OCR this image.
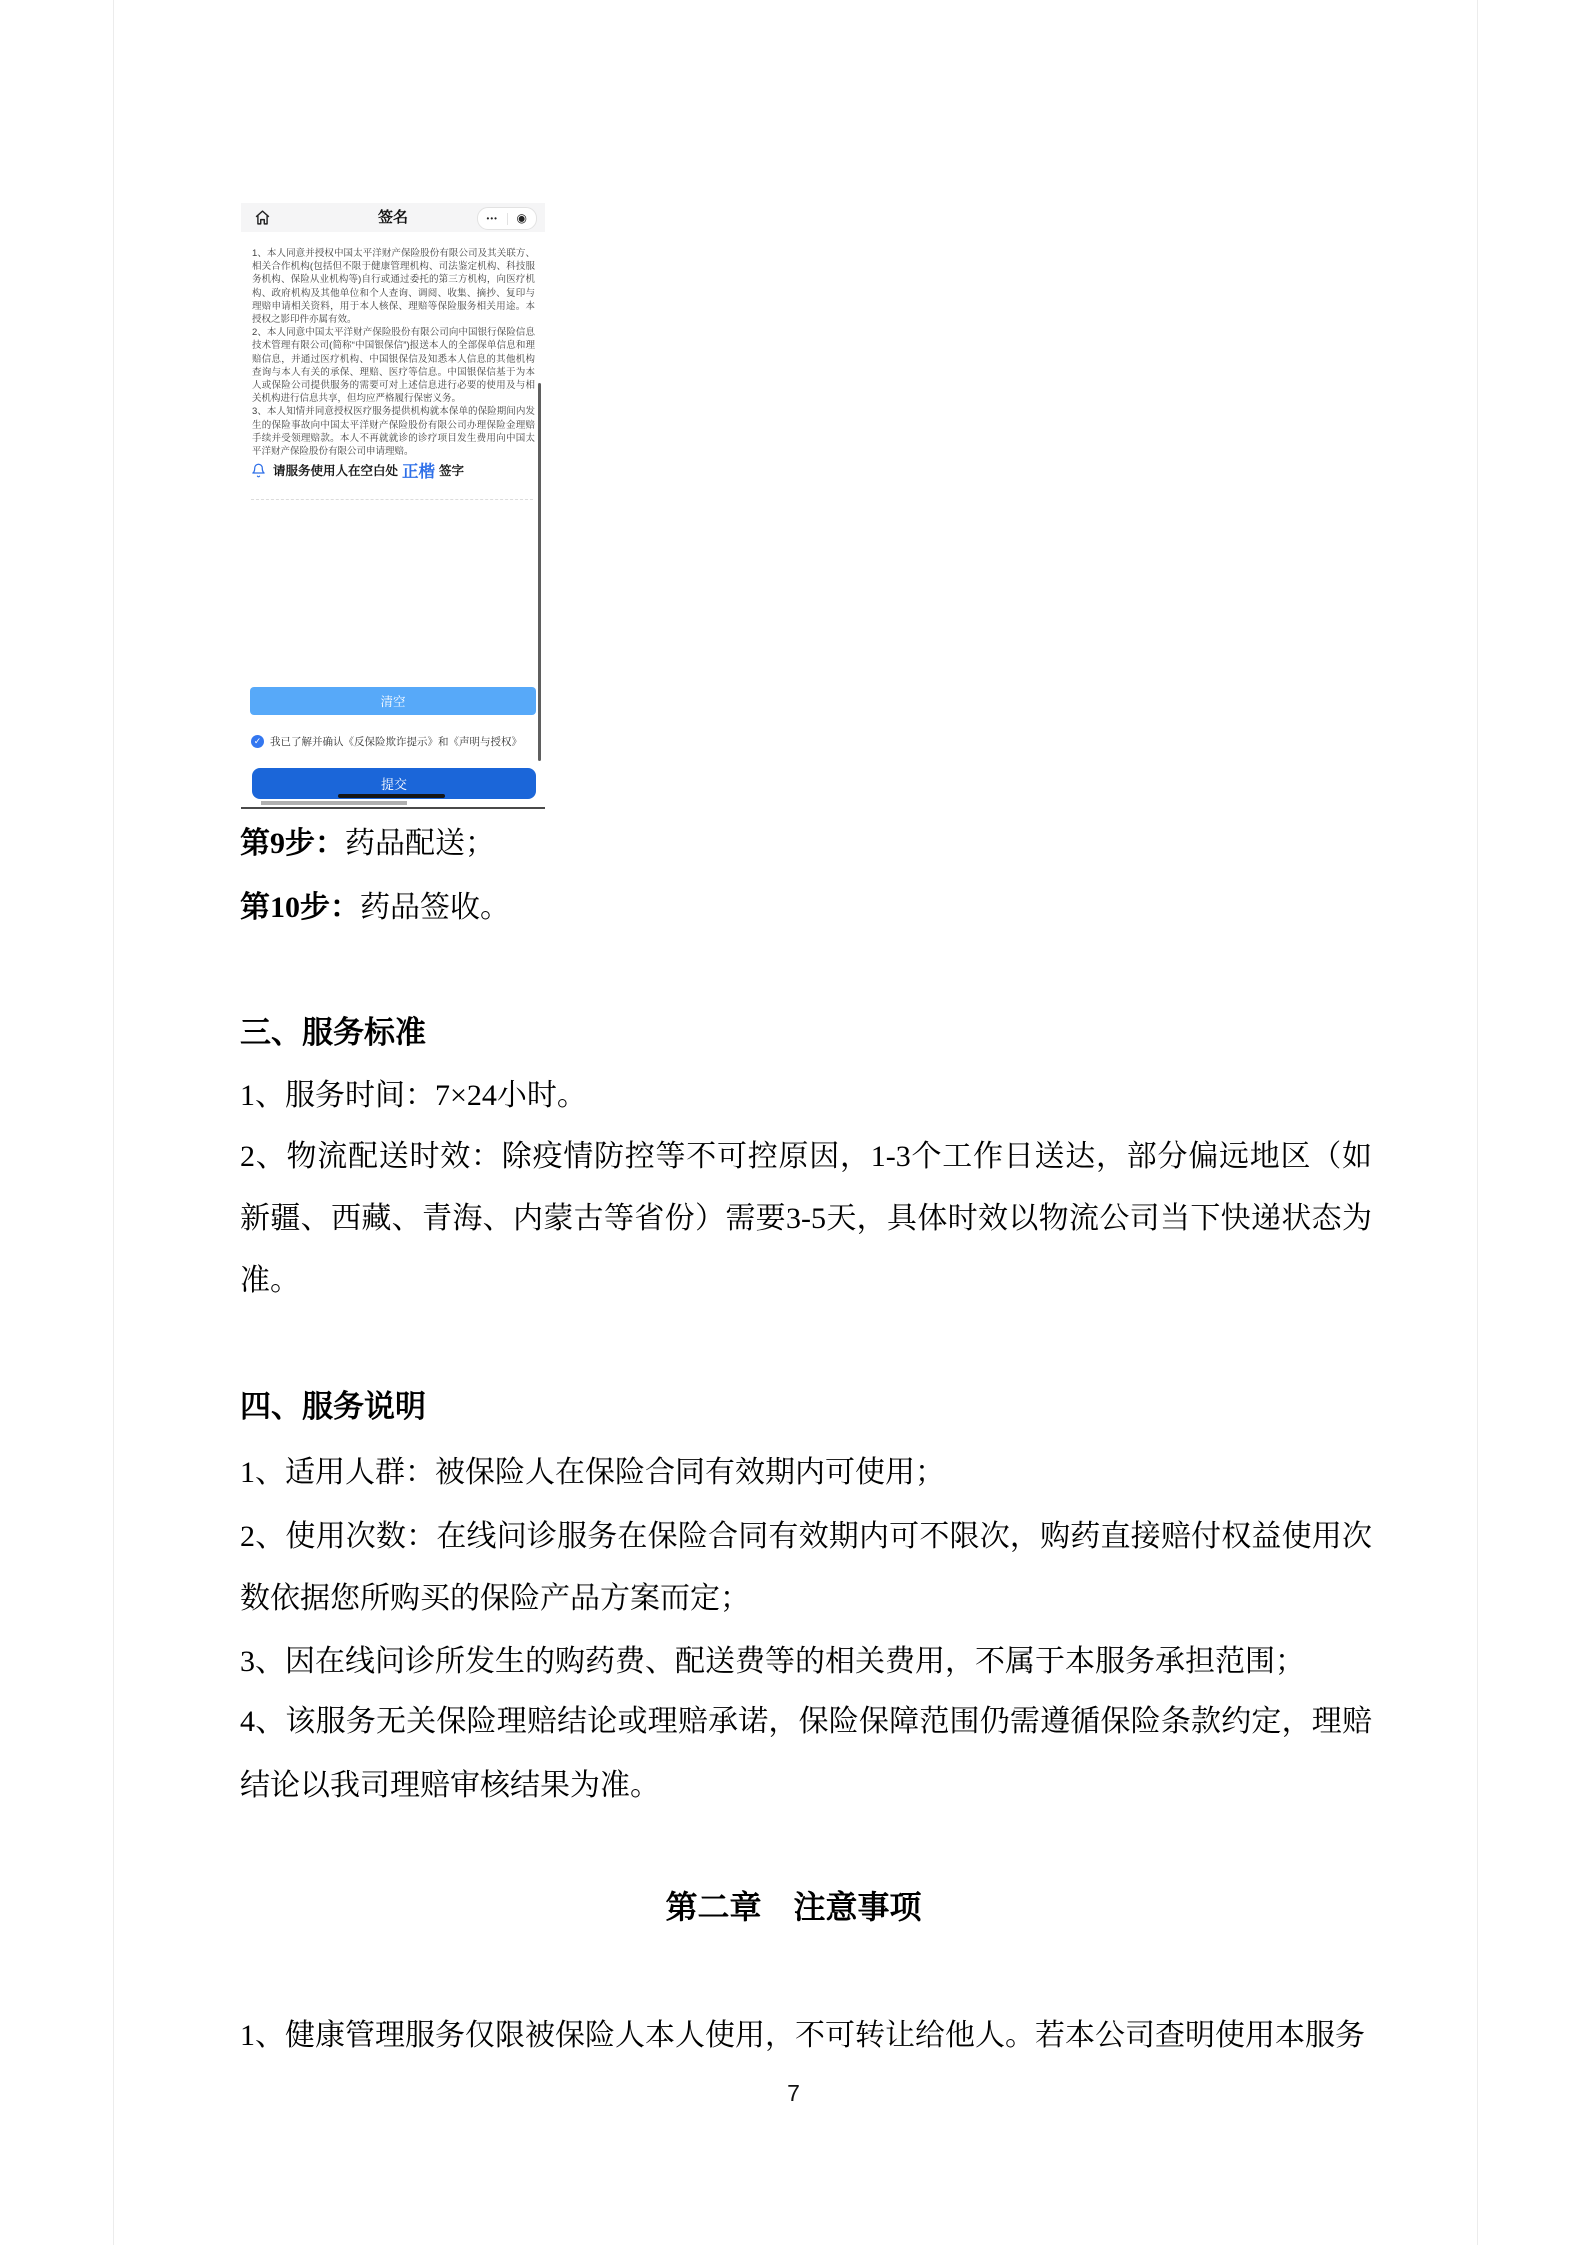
签名	•••	◉

1、本人同意并授权中国太平洋财产保险股份有限公司及其关联方、相关合作机构(包括但不限于健康管理机构、司法鉴定机构、科技服务机构、保险从业机构等)自行或通过委托的第三方机构，向医疗机构、政府机构及其他单位和个人查询、调阅、收集、摘抄、复印与理赔申请相关资料，用于本人核保、理赔等保险服务相关用途。本授权之影印件亦属有效。

2、本人同意中国太平洋财产保险股份有限公司向中国银行保险信息技术管理有限公司(简称“中国银保信”)报送本人的全部保单信息和理赔信息，并通过医疗机构、中国银保信及知悉本人信息的其他机构查询与本人有关的承保、理赔、医疗等信息。中国银保信基于为本人或保险公司提供服务的需要可对上述信息进行必要的使用及与相关机构进行信息共享，但均应严格履行保密义务。

3、本人知情并同意授权医疗服务提供机构就本保单的保险期间内发生的保险事故向中国太平洋财产保险股份有限公司办理保险金理赔手续并受领理赔款。本人不再就就诊的诊疗项目发生费用向中国太平洋财产保险股份有限公司申请理赔。

请服务使用人在空白处 正楷 签字
清空
✓ 我已了解并确认《反保险欺诈提示》和《声明与授权》
提交
第9步：药品配送；
第10步：药品签收。
三、服务标准
1、服务时间：7×24小时。
2、物流配送时效：除疫情防控等不可控原因，1-3个工作日送达，部分偏远地区（如新疆、西藏、青海、内蒙古等省份）需要3-5天，具体时效以物流公司当下快递状态为准。
四、服务说明
1、适用人群：被保险人在保险合同有效期内可使用；
2、使用次数：在线问诊服务在保险合同有效期内可不限次，购药直接赔付权益使用次数依据您所购买的保险产品方案而定；
3、因在线问诊所发生的购药费、配送费等的相关费用，不属于本服务承担范围；
4、该服务无关保险理赔结论或理赔承诺，保险保障范围仍需遵循保险条款约定，理赔结论以我司理赔审核结果为准。
第二章　注意事项
1、健康管理服务仅限被保险人本人使用，不可转让给他人。若本公司查明使用本服务
7
